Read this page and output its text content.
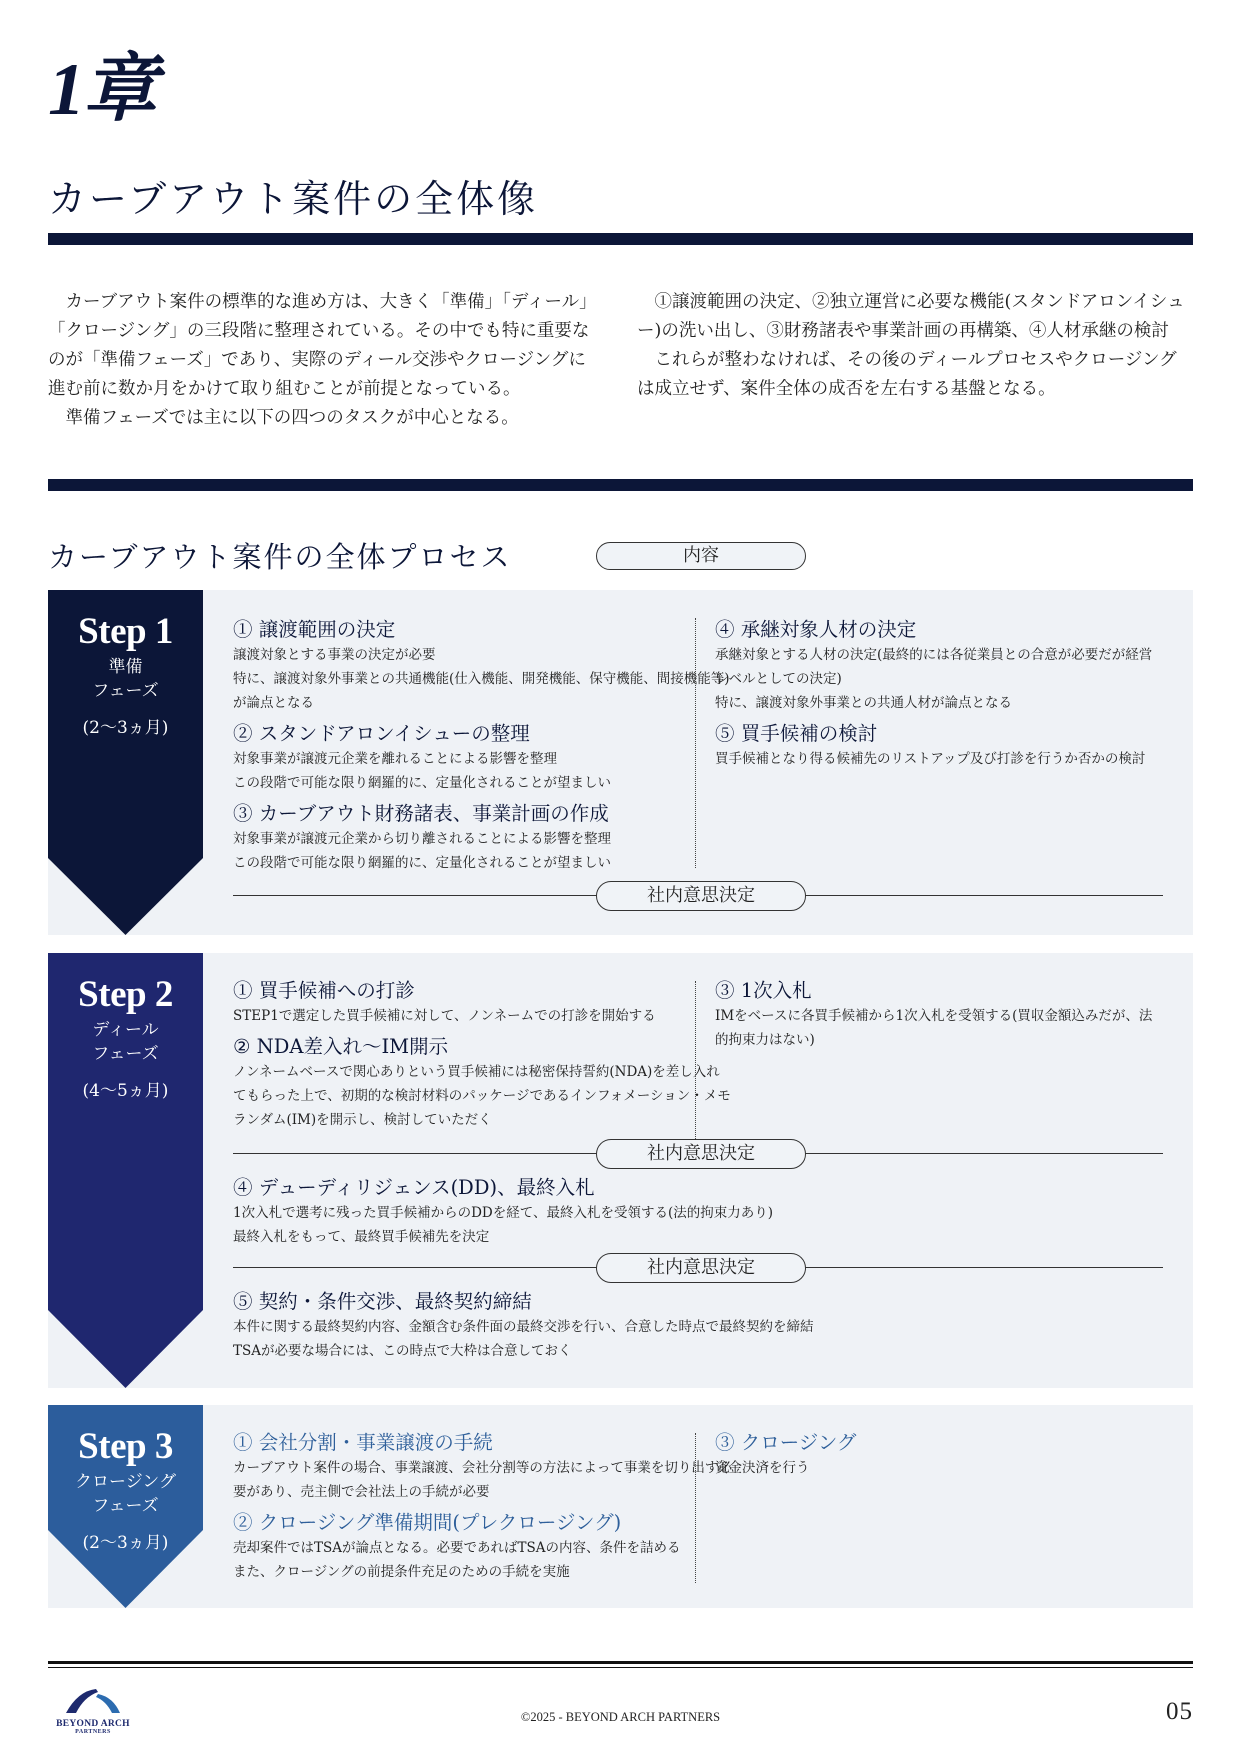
1章
カーブアウト案件の全体像

カーブアウト案件の標準的な進め方は、大きく「準備」「ディール」「クロージング」の三段階に整理されている。その中でも特に重要なのが「準備フェーズ」であり、実際のディール交渉やクロージングに進む前に数か月をかけて取り組むことが前提となっている。

準備フェーズでは主に以下の四つのタスクが中心となる。

①譲渡範囲の決定、②独立運営に必要な機能(スタンドアロンイシュー)の洗い出し、③財務諸表や事業計画の再構築、④人材承継の検討

これらが整わなければ、その後のディールプロセスやクロージングは成立せず、案件全体の成否を左右する基盤となる。

カーブアウト案件の全体プロセス	内容
Step 1
準備
フェーズ
(2〜3ヵ月)
① 譲渡範囲の決定
譲渡対象とする事業の決定が必要
特に、譲渡対象外事業との共通機能(仕入機能、開発機能、保守機能、間接機能等)が論点となる
② スタンドアロンイシューの整理
対象事業が譲渡元企業を離れることによる影響を整理
この段階で可能な限り網羅的に、定量化されることが望ましい
③ カーブアウト財務諸表、事業計画の作成
対象事業が譲渡元企業から切り離されることによる影響を整理
この段階で可能な限り網羅的に、定量化されることが望ましい
④ 承継対象人材の決定
承継対象とする人材の決定(最終的には各従業員との合意が必要だが経営レベルとしての決定)
特に、譲渡対象外事業との共通人材が論点となる
⑤ 買手候補の検討
買手候補となり得る候補先のリストアップ及び打診を行うか否かの検討
社内意思決定
Step 2
ディール
フェーズ
(4〜5ヵ月)
① 買手候補への打診
STEP1で選定した買手候補に対して、ノンネームでの打診を開始する
② NDA差入れ〜IM開示
ノンネームベースで関心ありという買手候補には秘密保持誓約(NDA)を差し入れてもらった上で、初期的な検討材料のパッケージであるインフォメーション・メモランダム(IM)を開示し、検討していただく
③ 1次入札
IMをベースに各買手候補から1次入札を受領する(買収金額込みだが、法的拘束力はない)
社内意思決定
④ デューディリジェンス(DD)、最終入札
1次入札で選考に残った買手候補からのDDを経て、最終入札を受領する(法的拘束力あり)
最終入札をもって、最終買手候補先を決定
社内意思決定
⑤ 契約・条件交渉、最終契約締結
本件に関する最終契約内容、金額含む条件面の最終交渉を行い、合意した時点で最終契約を締結
TSAが必要な場合には、この時点で大枠は合意しておく
Step 3
クロージング
フェーズ
(2〜3ヵ月)
① 会社分割・事業譲渡の手続
カーブアウト案件の場合、事業譲渡、会社分割等の方法によって事業を切り出す必要があり、売主側で会社法上の手続が必要
② クロージング準備期間(プレクロージング)
売却案件ではTSAが論点となる。必要であればTSAの内容、条件を詰める
また、クロージングの前提条件充足のための手続を実施
③ クロージング
資金決済を行う
BEYOND ARCH
PARTNERS
©2025 - BEYOND ARCH PARTNERS	05
